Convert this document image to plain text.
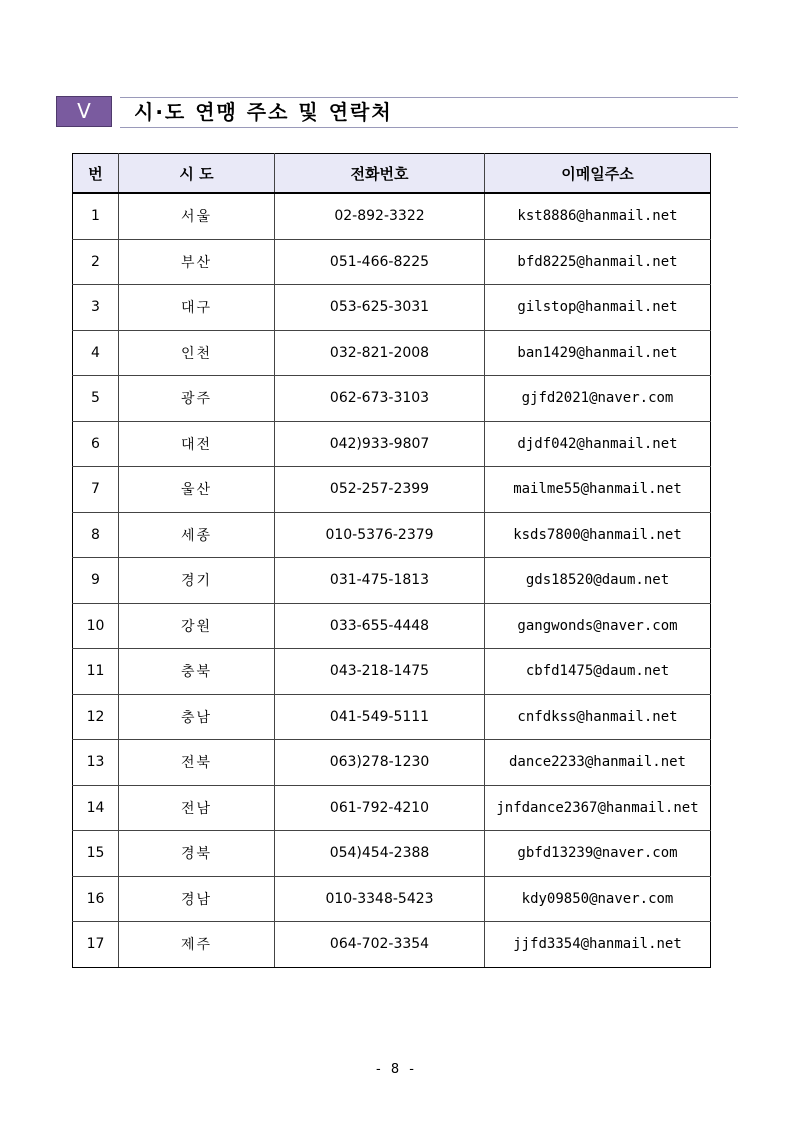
V	시·도 연맹 주소 및 연락처
번	시 도	전화번호	이메일주소
1	서울	02-892-3322	kst8886@hanmail.net
2	부산	051-466-8225	bfd8225@hanmail.net
3	대구	053-625-3031	gilstop@hanmail.net
4	인천	032-821-2008	ban1429@hanmail.net
5	광주	062-673-3103	gjfd2021@naver.com
6	대전	042)933-9807	djdf042@hanmail.net
7	울산	052-257-2399	mailme55@hanmail.net
8	세종	010-5376-2379	ksds7800@hanmail.net
9	경기	031-475-1813	gds18520@daum.net
10	강원	033-655-4448	gangwonds@naver.com
11	충북	043-218-1475	cbfd1475@daum.net
12	충남	041-549-5111	cnfdkss@hanmail.net
13	전북	063)278-1230	dance2233@hanmail.net
14	전남	061-792-4210	jnfdance2367@hanmail.net
15	경북	054)454-2388	gbfd13239@naver.com
16	경남	010-3348-5423	kdy09850@naver.com
17	제주	064-702-3354	jjfd3354@hanmail.net
- 8 -
